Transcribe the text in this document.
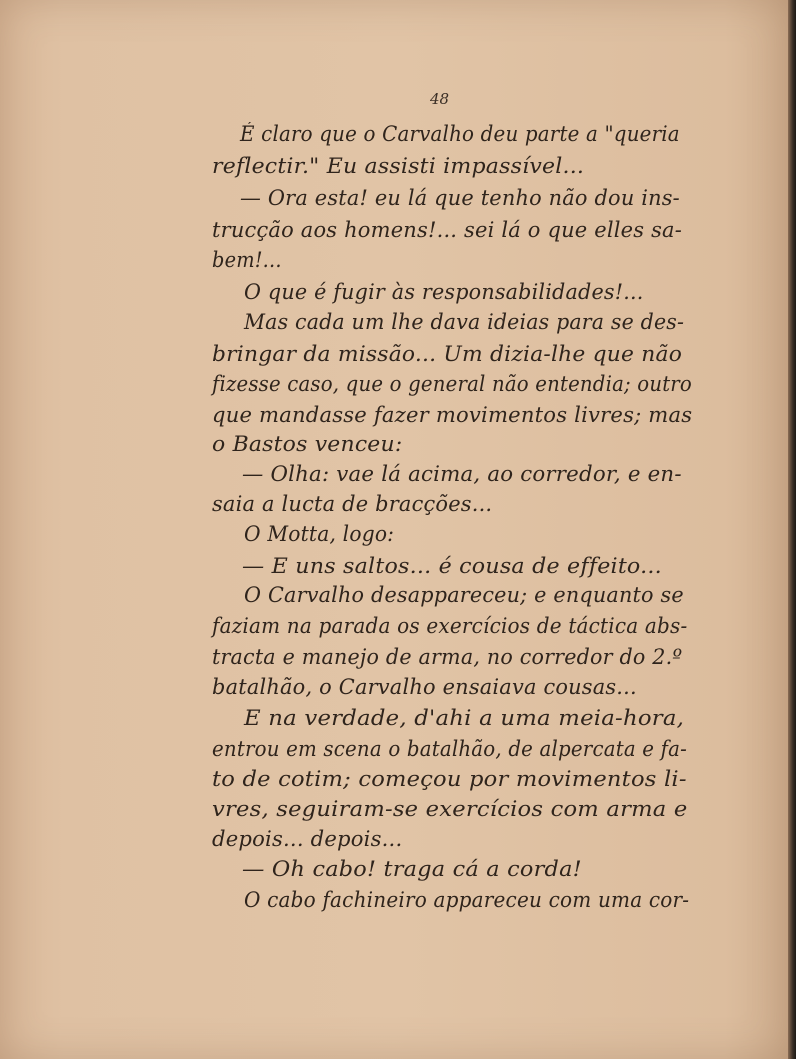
48
É claro que o Carvalho deu parte a "queria
reflectir." Eu assisti impassível...
— Ora esta! eu lá que tenho não dou ins-
trucção aos homens!... sei lá o que elles sa-
bem!...
O que é fugir às responsabilidades!...
Mas cada um lhe dava ideias para se des-
bringar da missão... Um dizia-lhe que não
fizesse caso, que o general não entendia; outro
que mandasse fazer movimentos livres; mas
o Bastos venceu:
— Olha: vae lá acima, ao corredor, e en-
saia a lucta de bracções...
O Motta, logo:
— E uns saltos... é cousa de effeito...
O Carvalho desappareceu; e enquanto se
faziam na parada os exercícios de táctica abs-
tracta e manejo de arma, no corredor do 2.º
batalhão, o Carvalho ensaiava cousas...
E na verdade, d'ahi a uma meia-hora,
entrou em scena o batalhão, de alpercata e fa-
to de cotim; começou por movimentos li-
vres, seguiram-se exercícios com arma e
depois... depois...
— Oh cabo! traga cá a corda!
O cabo fachineiro appareceu com uma cor-
